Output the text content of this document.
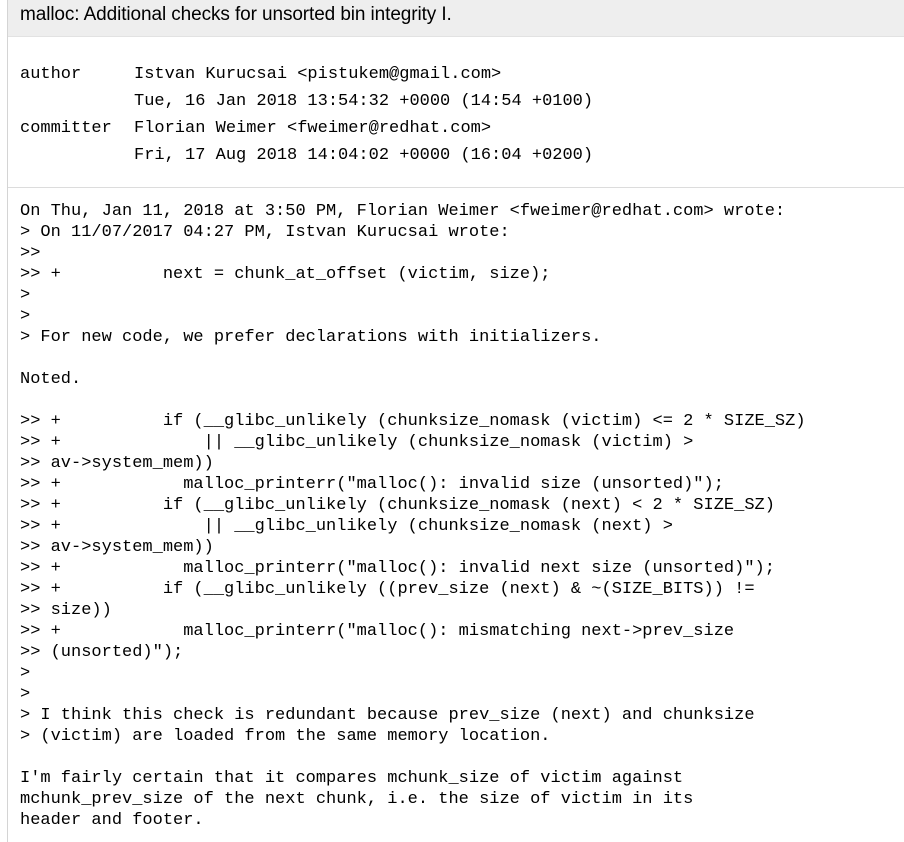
malloc: Additional checks for unsorted bin integrity I.
author	Istvan Kurucsai <pistukem@gmail.com>
	Tue, 16 Jan 2018 13:54:32 +0000 (14:54 +0100)
committer	Florian Weimer <fweimer@redhat.com>
	Fri, 17 Aug 2018 14:04:02 +0000 (16:04 +0200)
On Thu, Jan 11, 2018 at 3:50 PM, Florian Weimer <fweimer@redhat.com> wrote:
> On 11/07/2017 04:27 PM, Istvan Kurucsai wrote:
>>
>> +          next = chunk_at_offset (victim, size);
>
>
> For new code, we prefer declarations with initializers.

Noted.

>> +          if (__glibc_unlikely (chunksize_nomask (victim) <= 2 * SIZE_SZ)
>> +              || __glibc_unlikely (chunksize_nomask (victim) >
>> av->system_mem))
>> +            malloc_printerr("malloc(): invalid size (unsorted)");
>> +          if (__glibc_unlikely (chunksize_nomask (next) < 2 * SIZE_SZ)
>> +              || __glibc_unlikely (chunksize_nomask (next) >
>> av->system_mem))
>> +            malloc_printerr("malloc(): invalid next size (unsorted)");
>> +          if (__glibc_unlikely ((prev_size (next) & ~(SIZE_BITS)) !=
>> size))
>> +            malloc_printerr("malloc(): mismatching next->prev_size
>> (unsorted)");
>
>
> I think this check is redundant because prev_size (next) and chunksize
> (victim) are loaded from the same memory location.

I'm fairly certain that it compares mchunk_size of victim against
mchunk_prev_size of the next chunk, i.e. the size of victim in its
header and footer.
